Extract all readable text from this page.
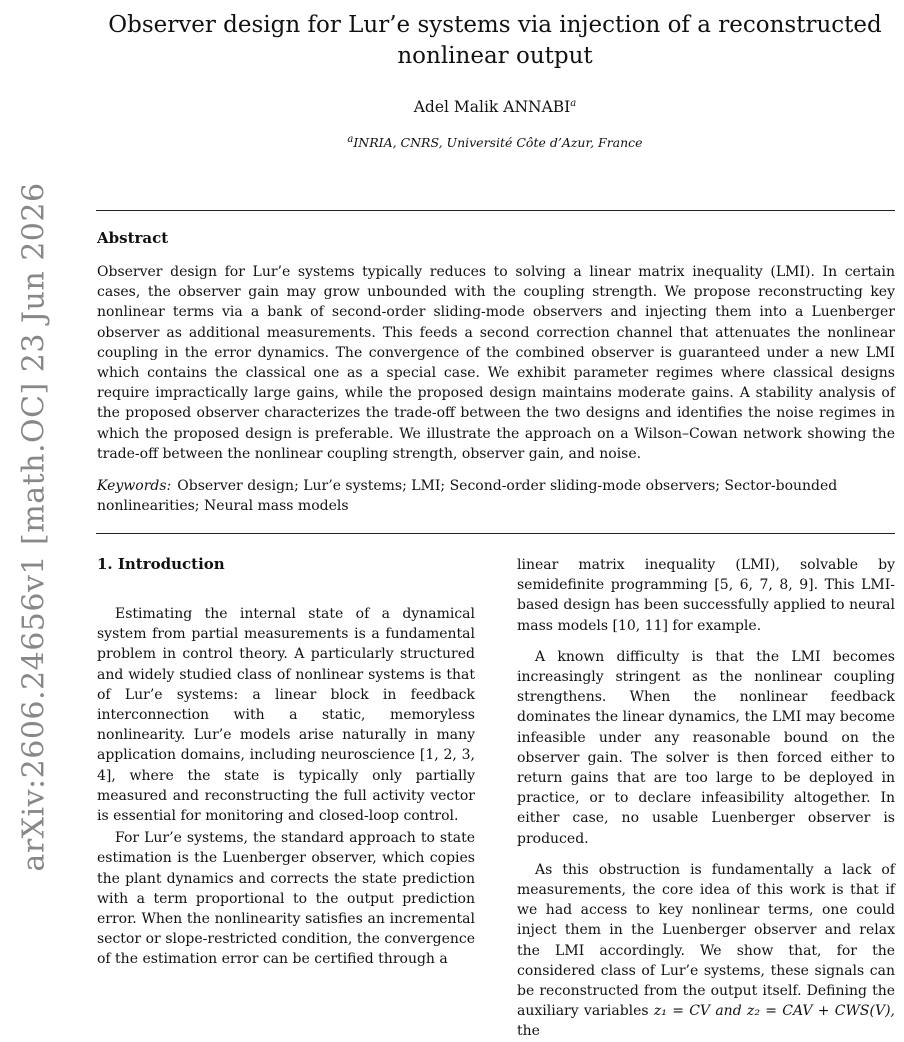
arXiv:2606.24656v1 [math.OC] 23 Jun 2026
Observer design for Lur’e systems via injection of a reconstructed nonlinear output
Adel Malik ANNABI$^a$
$^a$INRIA, CNRS, Université Côte d’Azur, France
Abstract
Observer design for Lur’e systems typically reduces to solving a linear matrix inequality (LMI). In certain cases, the observer gain may grow unbounded with the coupling strength. We propose reconstructing key nonlinear terms via a bank of second-order sliding-mode observers and injecting them into a Luenberger observer as additional measurements. This feeds a second correction channel that attenuates the nonlinear coupling in the error dynamics. The convergence of the combined observer is guaranteed under a new LMI which contains the classical one as a special case. We exhibit parameter regimes where classical designs require impractically large gains, while the proposed design maintains moderate gains. A stability analysis of the proposed observer characterizes the trade-off between the two designs and identifies the noise regimes in which the proposed design is preferable. We illustrate the approach on a Wilson–Cowan network showing the trade-off between the nonlinear coupling strength, observer gain, and noise.
Keywords: Observer design; Lur’e systems; LMI; Second-order sliding-mode observers; Sector-bounded nonlinearities; Neural mass models
1. Introduction

Estimating the internal state of a dynamical system from partial measurements is a fundamental problem in control theory. A particularly structured and widely studied class of nonlinear systems is that of Lur’e systems: a linear block in feedback interconnection with a static, memoryless nonlinearity. Lur’e models arise naturally in many application domains, including neuroscience [1, 2, 3, 4], where the state is typically only partially measured and reconstructing the full activity vector is essential for monitoring and closed-loop control.

For Lur’e systems, the standard approach to state estimation is the Luenberger observer, which copies the plant dynamics and corrects the state prediction with a term proportional to the output prediction error. When the nonlinearity satisfies an incremental sector or slope-restricted condition, the convergence of the estimation error can be certified through a

linear matrix inequality (LMI), solvable by semidefinite programming [5, 6, 7, 8, 9]. This LMI-based design has been successfully applied to neural mass models [10, 11] for example.

A known difficulty is that the LMI becomes increasingly stringent as the nonlinear coupling strengthens. When the nonlinear feedback dominates the linear dynamics, the LMI may become infeasible under any reasonable bound on the observer gain. The solver is then forced either to return gains that are too large to be deployed in practice, or to declare infeasibility altogether. In either case, no usable Luenberger observer is produced.

As this obstruction is fundamentally a lack of measurements, the core idea of this work is that if we had access to key nonlinear terms, one could inject them in the Luenberger observer and relax the LMI accordingly. We show that, for the considered class of Lur’e systems, these signals can be reconstructed from the output itself. Defining the auxiliary variables z₁ = CV and z₂ = CAV + CWS(V), the
